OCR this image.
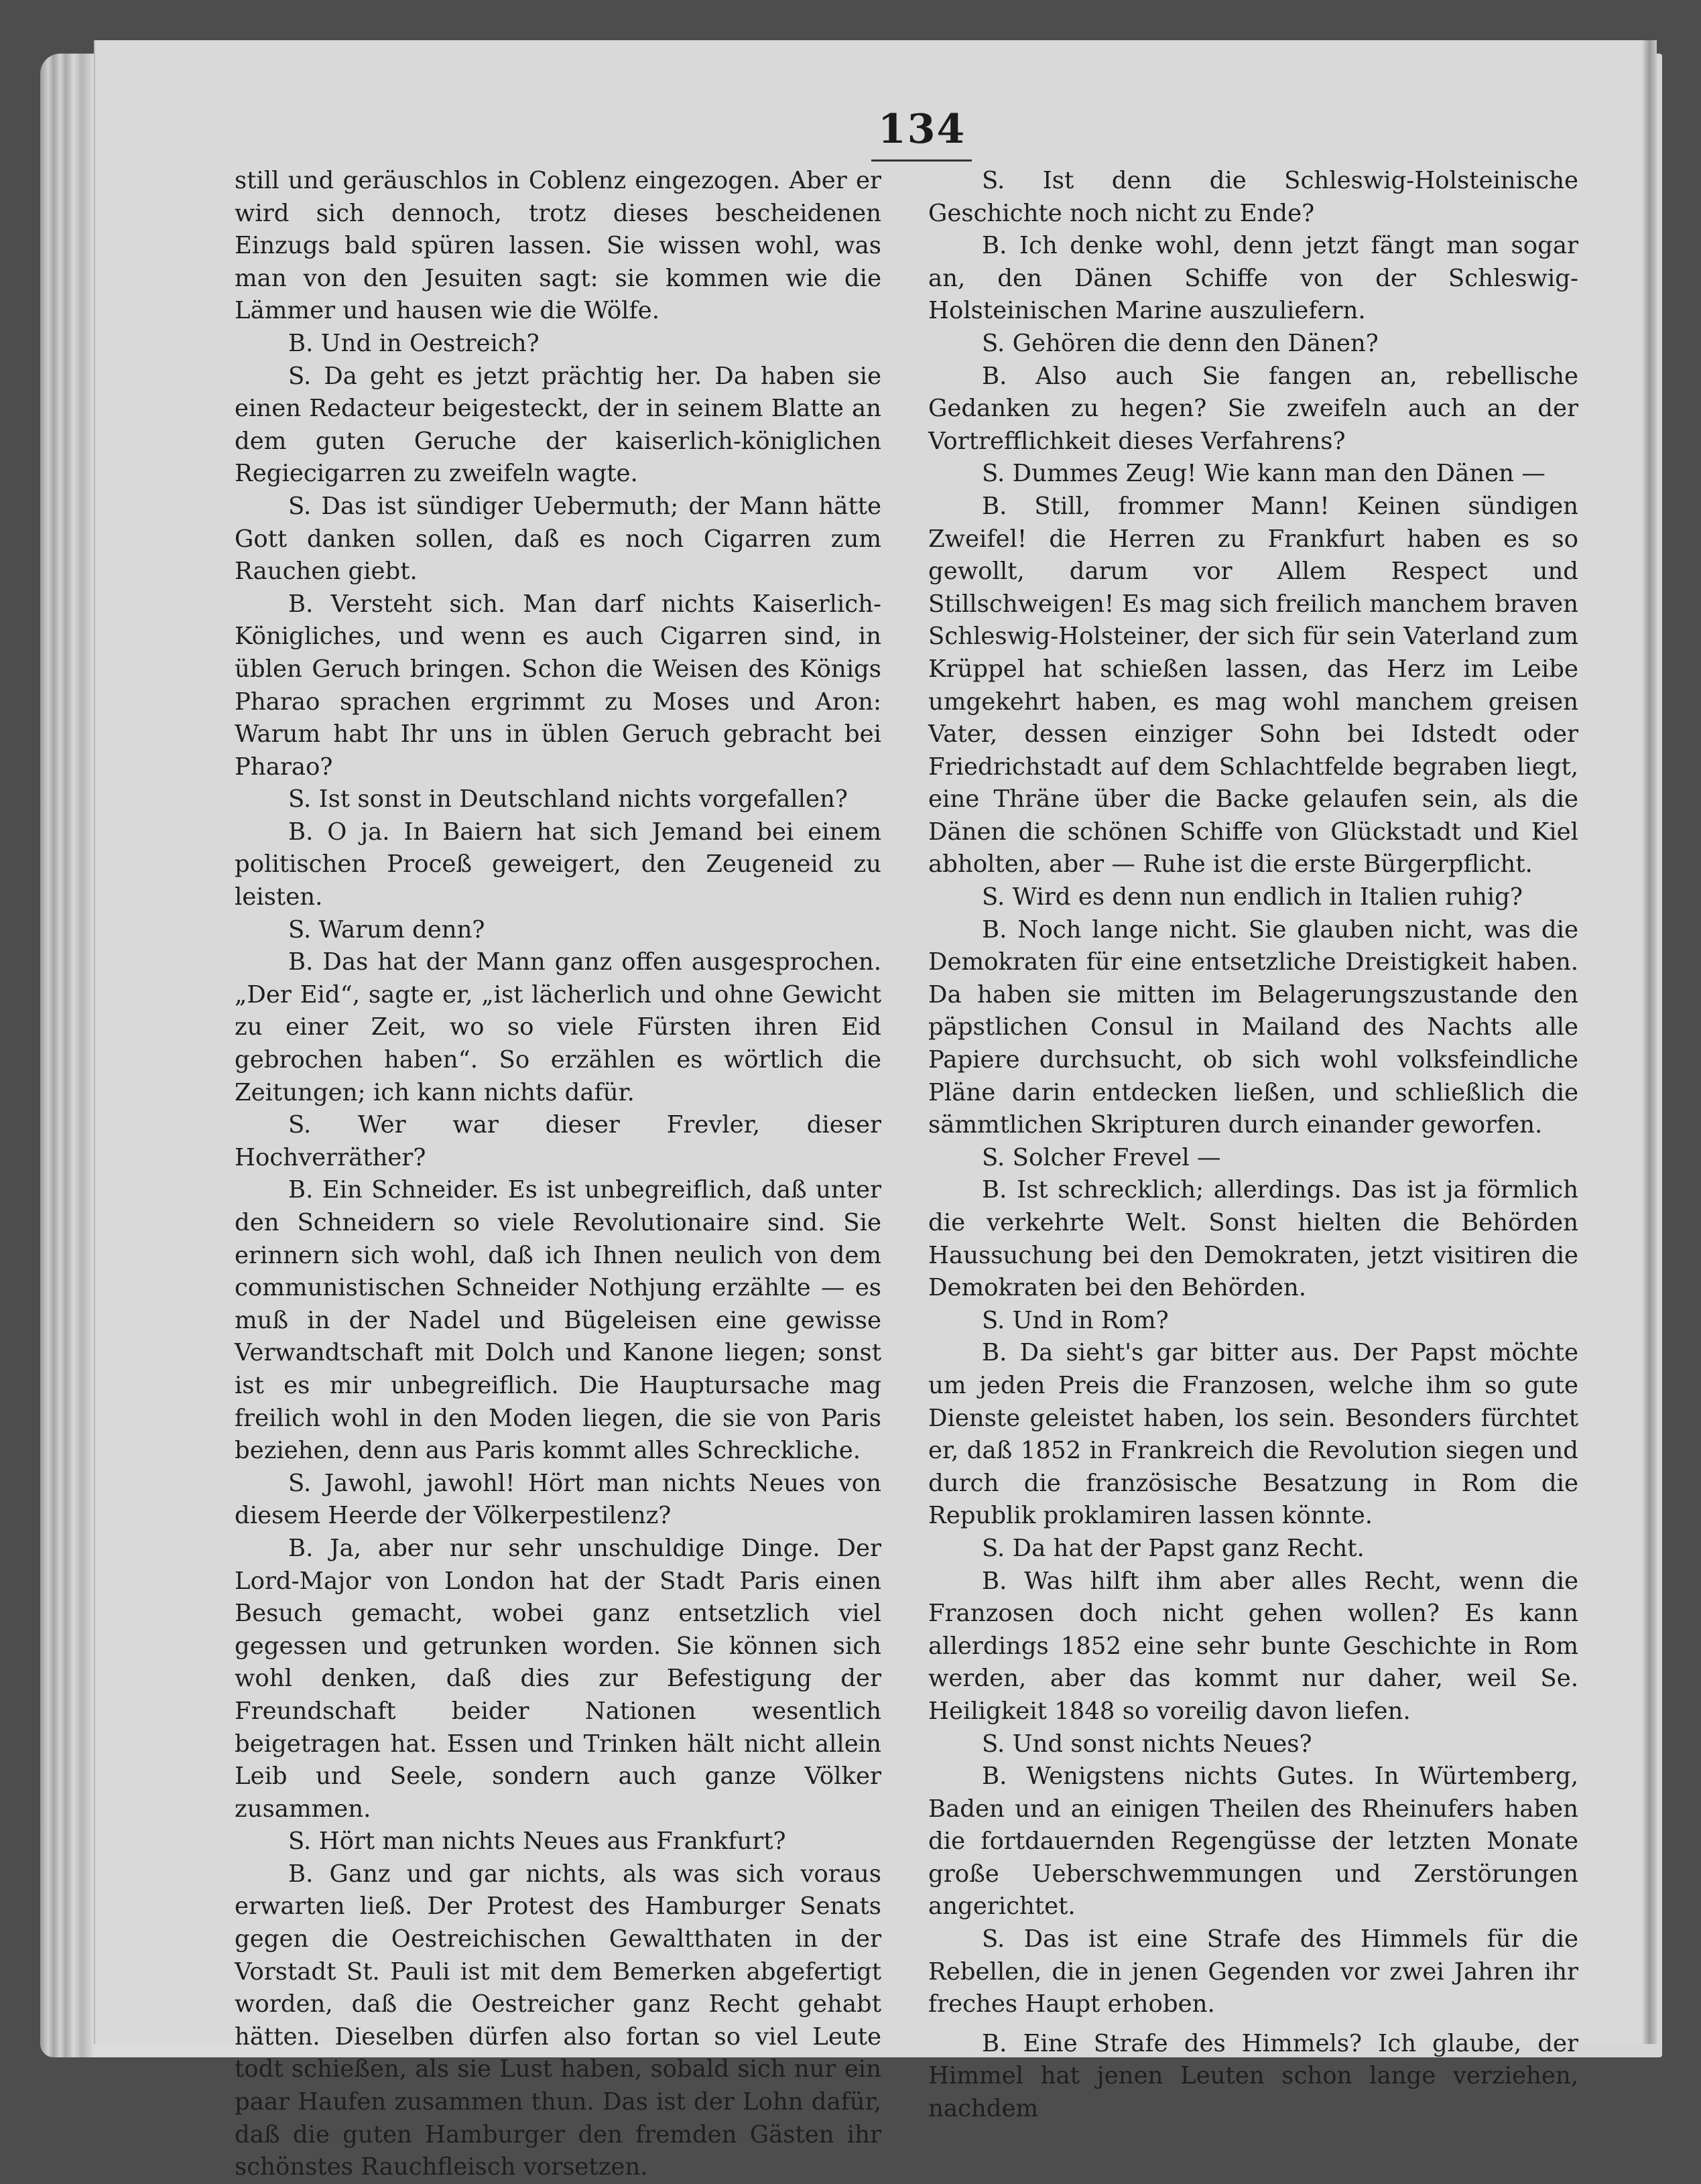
134

still und geräuschlos in Coblenz eingezogen. Aber er wird sich dennoch, trotz dieses bescheidenen Einzugs bald spüren lassen. Sie wissen wohl, was man von den Jesuiten sagt: sie kommen wie die Lämmer und hausen wie die Wölfe.

B. Und in Oestreich?

S. Da geht es jetzt prächtig her. Da haben sie einen Redacteur beigesteckt, der in seinem Blatte an dem guten Geruche der kaiserlich-königlichen Regiecigarren zu zweifeln wagte.

S. Das ist sündiger Uebermuth; der Mann hätte Gott danken sollen, daß es noch Cigarren zum Rauchen giebt.

B. Versteht sich. Man darf nichts Kaiserlich-Königliches, und wenn es auch Cigarren sind, in üblen Geruch bringen. Schon die Weisen des Königs Pharao sprachen ergrimmt zu Moses und Aron: Warum habt Ihr uns in üblen Geruch gebracht bei Pharao?

S. Ist sonst in Deutschland nichts vorgefallen?

B. O ja. In Baiern hat sich Jemand bei einem politischen Proceß geweigert, den Zeugeneid zu leisten.

S. Warum denn?

B. Das hat der Mann ganz offen ausgesprochen. „Der Eid“, sagte er, „ist lächerlich und ohne Gewicht zu einer Zeit, wo so viele Fürsten ihren Eid gebrochen haben“. So erzählen es wörtlich die Zeitungen; ich kann nichts dafür.

S. Wer war dieser Frevler, dieser Hochverräther?

B. Ein Schneider. Es ist unbegreiflich, daß unter den Schneidern so viele Revolutionaire sind. Sie erinnern sich wohl, daß ich Ihnen neulich von dem communistischen Schneider Nothjung erzählte — es muß in der Nadel und Bügeleisen eine gewisse Verwandtschaft mit Dolch und Kanone liegen; sonst ist es mir unbegreiflich. Die Hauptursache mag freilich wohl in den Moden liegen, die sie von Paris beziehen, denn aus Paris kommt alles Schreckliche.

S. Jawohl, jawohl! Hört man nichts Neues von diesem Heerde der Völkerpestilenz?

B. Ja, aber nur sehr unschuldige Dinge. Der Lord-Major von London hat der Stadt Paris einen Besuch gemacht, wobei ganz entsetzlich viel gegessen und getrunken worden. Sie können sich wohl denken, daß dies zur Befestigung der Freundschaft beider Nationen wesentlich beigetragen hat. Essen und Trinken hält nicht allein Leib und Seele, sondern auch ganze Völker zusammen.

S. Hört man nichts Neues aus Frankfurt?

B. Ganz und gar nichts, als was sich voraus erwarten ließ. Der Protest des Hamburger Senats gegen die Oestreichischen Gewaltthaten in der Vorstadt St. Pauli ist mit dem Bemerken abgefertigt worden, daß die Oestreicher ganz Recht gehabt hätten. Dieselben dürfen also fortan so viel Leute todt schießen, als sie Lust haben, sobald sich nur ein paar Haufen zusammen thun. Das ist der Lohn dafür, daß die guten Hamburger den fremden Gästen ihr schönstes Rauchfleisch vorsetzen.

S. Ist denn die Schleswig-Holsteinische Geschichte noch nicht zu Ende?

B. Ich denke wohl, denn jetzt fängt man sogar an, den Dänen Schiffe von der Schleswig-Holsteinischen Marine auszuliefern.

S. Gehören die denn den Dänen?

B. Also auch Sie fangen an, rebellische Gedanken zu hegen? Sie zweifeln auch an der Vortrefflichkeit dieses Verfahrens?

S. Dummes Zeug! Wie kann man den Dänen —

B. Still, frommer Mann! Keinen sündigen Zweifel! die Herren zu Frankfurt haben es so gewollt, darum vor Allem Respect und Stillschweigen! Es mag sich freilich manchem braven Schleswig-Holsteiner, der sich für sein Vaterland zum Krüppel hat schießen lassen, das Herz im Leibe umgekehrt haben, es mag wohl manchem greisen Vater, dessen einziger Sohn bei Idstedt oder Friedrichstadt auf dem Schlachtfelde begraben liegt, eine Thräne über die Backe gelaufen sein, als die Dänen die schönen Schiffe von Glückstadt und Kiel abholten, aber — Ruhe ist die erste Bürgerpflicht.

S. Wird es denn nun endlich in Italien ruhig?

B. Noch lange nicht. Sie glauben nicht, was die Demokraten für eine entsetzliche Dreistigkeit haben. Da haben sie mitten im Belagerungszustande den päpstlichen Consul in Mailand des Nachts alle Papiere durchsucht, ob sich wohl volksfeindliche Pläne darin entdecken ließen, und schließlich die sämmtlichen Skripturen durch einander geworfen.

S. Solcher Frevel —

B. Ist schrecklich; allerdings. Das ist ja förmlich die verkehrte Welt. Sonst hielten die Behörden Haussuchung bei den Demokraten, jetzt visitiren die Demokraten bei den Behörden.

S. Und in Rom?

B. Da sieht's gar bitter aus. Der Papst möchte um jeden Preis die Franzosen, welche ihm so gute Dienste geleistet haben, los sein. Besonders fürchtet er, daß 1852 in Frankreich die Revolution siegen und durch die französische Besatzung in Rom die Republik proklamiren lassen könnte.

S. Da hat der Papst ganz Recht.

B. Was hilft ihm aber alles Recht, wenn die Franzosen doch nicht gehen wollen? Es kann allerdings 1852 eine sehr bunte Geschichte in Rom werden, aber das kommt nur daher, weil Se. Heiligkeit 1848 so voreilig davon liefen.

S. Und sonst nichts Neues?

B. Wenigstens nichts Gutes. In Würtemberg, Baden und an einigen Theilen des Rheinufers haben die fortdauernden Regengüsse der letzten Monate große Ueberschwemmungen und Zerstörungen angerichtet.

S. Das ist eine Strafe des Himmels für die Rebellen, die in jenen Gegenden vor zwei Jahren ihr freches Haupt erhoben.

B. Eine Strafe des Himmels? Ich glaube, der Himmel hat jenen Leuten schon lange verziehen, nachdem
